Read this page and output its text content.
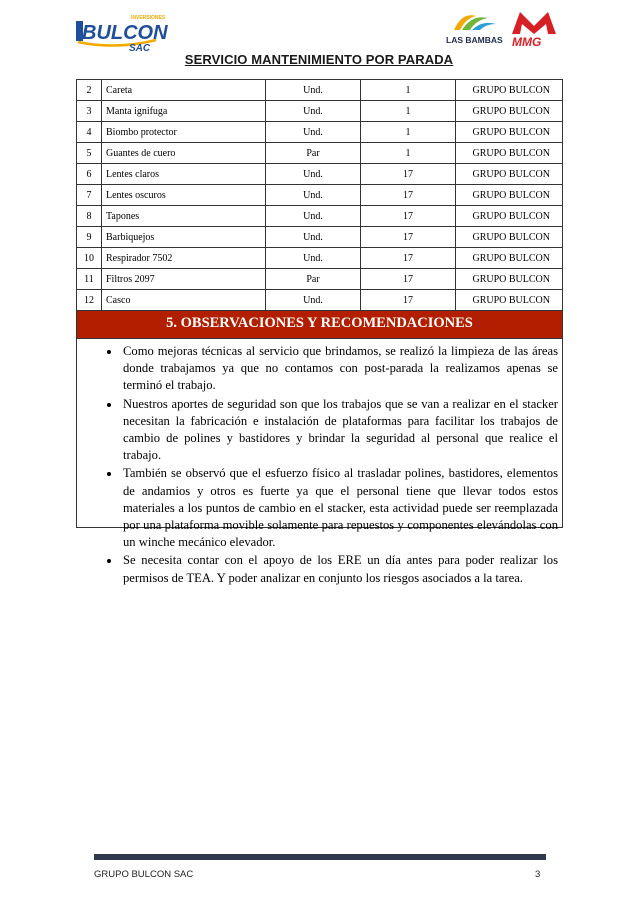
INVERSIONES
BULCON
SAC
LAS BAMBAS MMG
SERVICIO MANTENIMIENTO POR PARADA
2	Careta	Und.	1	GRUPO BULCON
3	Manta ignifuga	Und.	1	GRUPO BULCON
4	Biombo protector	Und.	1	GRUPO BULCON
5	Guantes de cuero	Par	1	GRUPO BULCON
6	Lentes claros	Und.	17	GRUPO BULCON
7	Lentes oscuros	Und.	17	GRUPO BULCON
8	Tapones	Und.	17	GRUPO BULCON
9	Barbiquejos	Und.	17	GRUPO BULCON
10	Respirador 7502	Und.	17	GRUPO BULCON
11	Filtros 2097	Par	17	GRUPO BULCON
12	Casco	Und.	17	GRUPO BULCON
5. OBSERVACIONES Y RECOMENDACIONES
• Como mejoras técnicas al servicio que brindamos, se realizó la limpieza de las áreas donde trabajamos ya que no contamos con post-parada la realizamos apenas se terminó el trabajo.
• Nuestros aportes de seguridad son que los trabajos que se van a realizar en el stacker necesitan la fabricación e instalación de plataformas para facilitar los trabajos de cambio de polines y bastidores y brindar la seguridad al personal que realice el trabajo.
• También se observó que el esfuerzo físico al trasladar polines, bastidores, elementos de andamios y otros es fuerte ya que el personal tiene que llevar todos estos materiales a los puntos de cambio en el stacker, esta actividad puede ser reemplazada por una plataforma movible solamente para repuestos y componentes elevándolas con un winche mecánico elevador.
• Se necesita contar con el apoyo de los ERE un día antes para poder realizar los permisos de TEA. Y poder analizar en conjunto los riesgos asociados a la tarea.
GRUPO BULCON SAC	3
